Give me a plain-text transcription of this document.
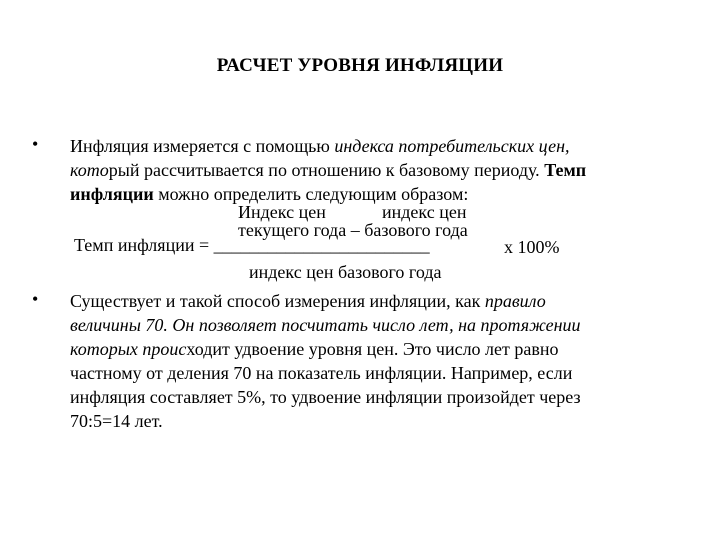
РАСЧЕТ УРОВНЯ ИНФЛЯЦИИ
• Инфляция измеряется с помощью индекса потребительских цен,
который рассчитывается по отношению к базовому периоду. Темп
инфляции можно определить следующим образом:
Индекс цен	индекс цен
текущего года – базового года
Темп инфляции = ________________________	х 100%
индекс цен базового года
• Существует и такой способ измерения инфляции, как правило
величины 70. Он позволяет посчитать число лет, на протяжении
которых происходит удвоение уровня цен. Это число лет равно
частному от деления 70 на показатель инфляции. Например, если
инфляция составляет 5%, то удвоение инфляции произойдет через
70:5=14 лет.
